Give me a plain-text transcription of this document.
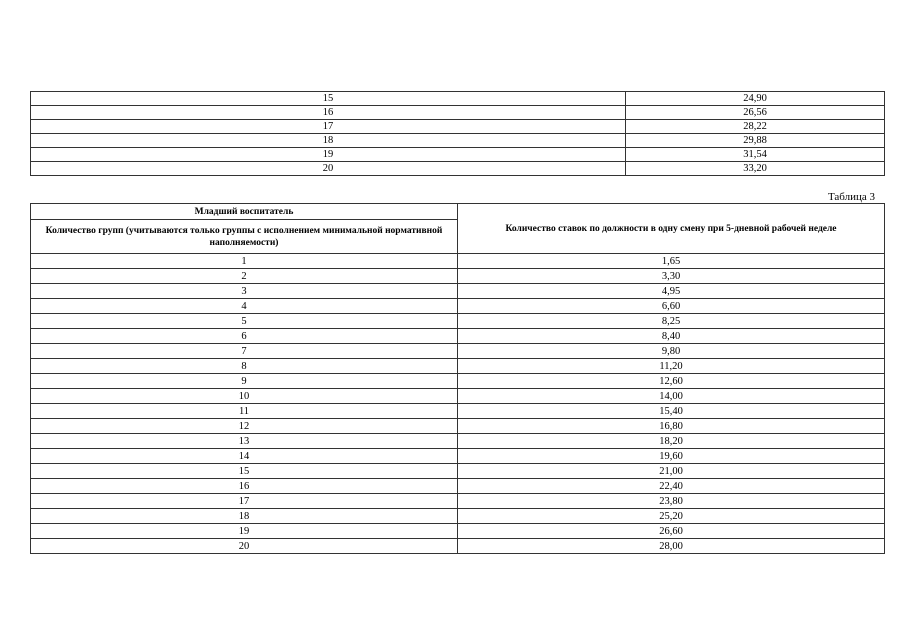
15	24,90
16	26,56
17	28,22
18	29,88
19	31,54
20	33,20
Таблица 3
Младший воспитатель	Количество ставок по должности в одну смену при 5-дневной рабочей неделе
Количество групп (учитываются только группы с исполнением минимальной нормативной наполняемости)	
1	1,65
2	3,30
3	4,95
4	6,60
5	8,25
6	8,40
7	9,80
8	11,20
9	12,60
10	14,00
11	15,40
12	16,80
13	18,20
14	19,60
15	21,00
16	22,40
17	23,80
18	25,20
19	26,60
20	28,00
